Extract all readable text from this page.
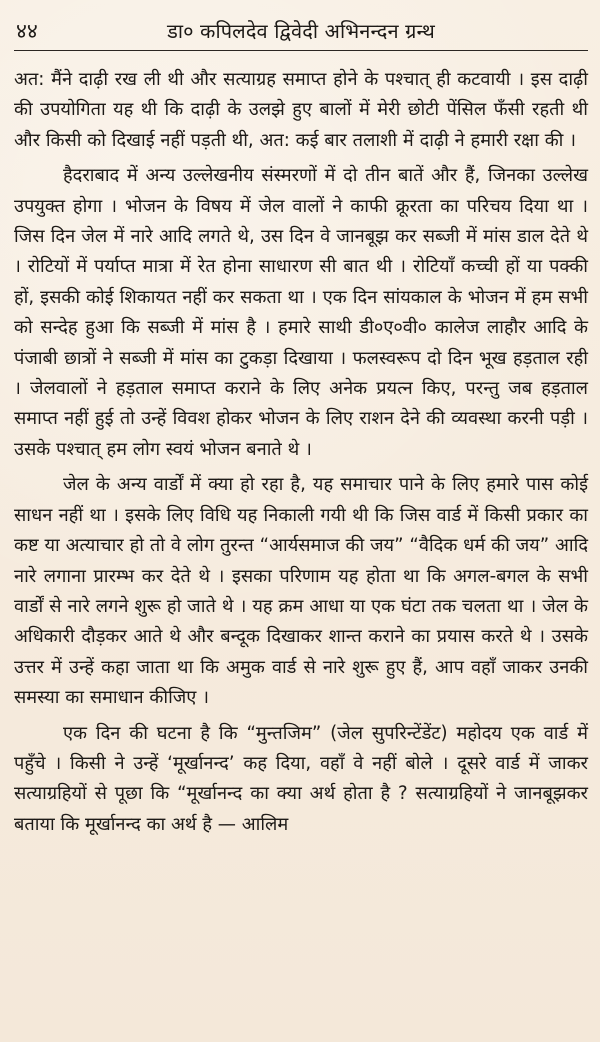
४४	डा० कपिलदेव द्विवेदी अभिनन्दन ग्रन्थ

अत: मैंने दाढ़ी रख ली थी और सत्याग्रह समाप्त होने के पश्चात् ही कटवायी । इस दाढ़ी की उपयोगिता यह थी कि दाढ़ी के उलझे हुए बालों में मेरी छोटी पेंसिल फँसी रहती थी और किसी को दिखाई नहीं पड़ती थी, अत: कई बार तलाशी में दाढ़ी ने हमारी रक्षा की ।

हैदराबाद में अन्य उल्लेखनीय संस्मरणों में दो तीन बातें और हैं, जिनका उल्लेख उपयुक्त होगा । भोजन के विषय में जेल वालों ने काफी क्रूरता का परिचय दिया था । जिस दिन जेल में नारे आदि लगते थे, उस दिन वे जानबूझ कर सब्जी में मांस डाल देते थे । रोटियों में पर्याप्त मात्रा में रेत होना साधारण सी बात थी । रोटियाँ कच्ची हों या पक्की हों, इसकी कोई शिकायत नहीं कर सकता था । एक दिन सांयकाल के भोजन में हम सभी को सन्देह हुआ कि सब्जी में मांस है । हमारे साथी डी०ए०वी० कालेज लाहौर आदि के पंजाबी छात्रों ने सब्जी में मांस का टुकड़ा दिखाया । फलस्वरूप दो दिन भूख हड़ताल रही । जेलवालों ने हड़ताल समाप्त कराने के लिए अनेक प्रयत्न किए, परन्तु जब हड़ताल समाप्त नहीं हुई तो उन्हें विवश होकर भोजन के लिए राशन देने की व्यवस्था करनी पड़ी । उसके पश्चात् हम लोग स्वयं भोजन बनाते थे ।

जेल के अन्य वार्डों में क्या हो रहा है, यह समाचार पाने के लिए हमारे पास कोई साधन नहीं था । इसके लिए विधि यह निकाली गयी थी कि जिस वार्ड में किसी प्रकार का कष्ट या अत्याचार हो तो वे लोग तुरन्त “आर्यसमाज की जय” “वैदिक धर्म की जय” आदि नारे लगाना प्रारम्भ कर देते थे । इसका परिणाम यह होता था कि अगल-बगल के सभी वार्डों से नारे लगने शुरू हो जाते थे । यह क्रम आधा या एक घंटा तक चलता था । जेल के अधिकारी दौड़कर आते थे और बन्दूक दिखाकर शान्त कराने का प्रयास करते थे । उसके उत्तर में उन्हें कहा जाता था कि अमुक वार्ड से नारे शुरू हुए हैं, आप वहाँ जाकर उनकी समस्या का समाधान कीजिए ।

एक दिन की घटना है कि “मुन्तजिम” (जेल सुपरिन्टेंडेंट) महोदय एक वार्ड में पहुँचे । किसी ने उन्हें ‘मूर्खानन्द’ कह दिया, वहाँ वे नहीं बोले । दूसरे वार्ड में जाकर सत्याग्रहियों से पूछा कि “मूर्खानन्द का क्या अर्थ होता है ? सत्याग्रहियों ने जानबूझकर बताया कि मूर्खानन्द का अर्थ है — आलिम
